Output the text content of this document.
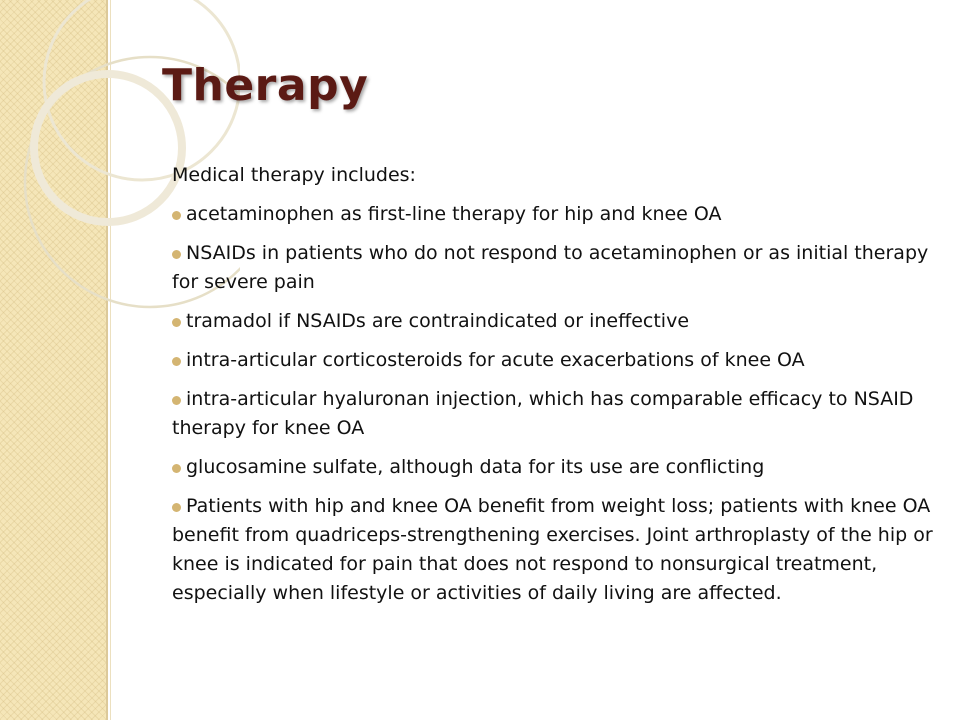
Therapy

Medical therapy includes:

acetaminophen as first-line therapy for hip and knee OA
NSAIDs in patients who do not respond to acetaminophen or as initial therapy for severe pain
tramadol if NSAIDs are contraindicated or ineffective
intra-articular corticosteroids for acute exacerbations of knee OA
intra-articular hyaluronan injection, which has comparable efficacy to NSAID therapy for knee OA
glucosamine sulfate, although data for its use are conflicting
Patients with hip and knee OA benefit from weight loss; patients with knee OA benefit from quadriceps-strengthening exercises. Joint arthroplasty of the hip or knee is indicated for pain that does not respond to nonsurgical treatment, especially when lifestyle or activities of daily living are affected.
